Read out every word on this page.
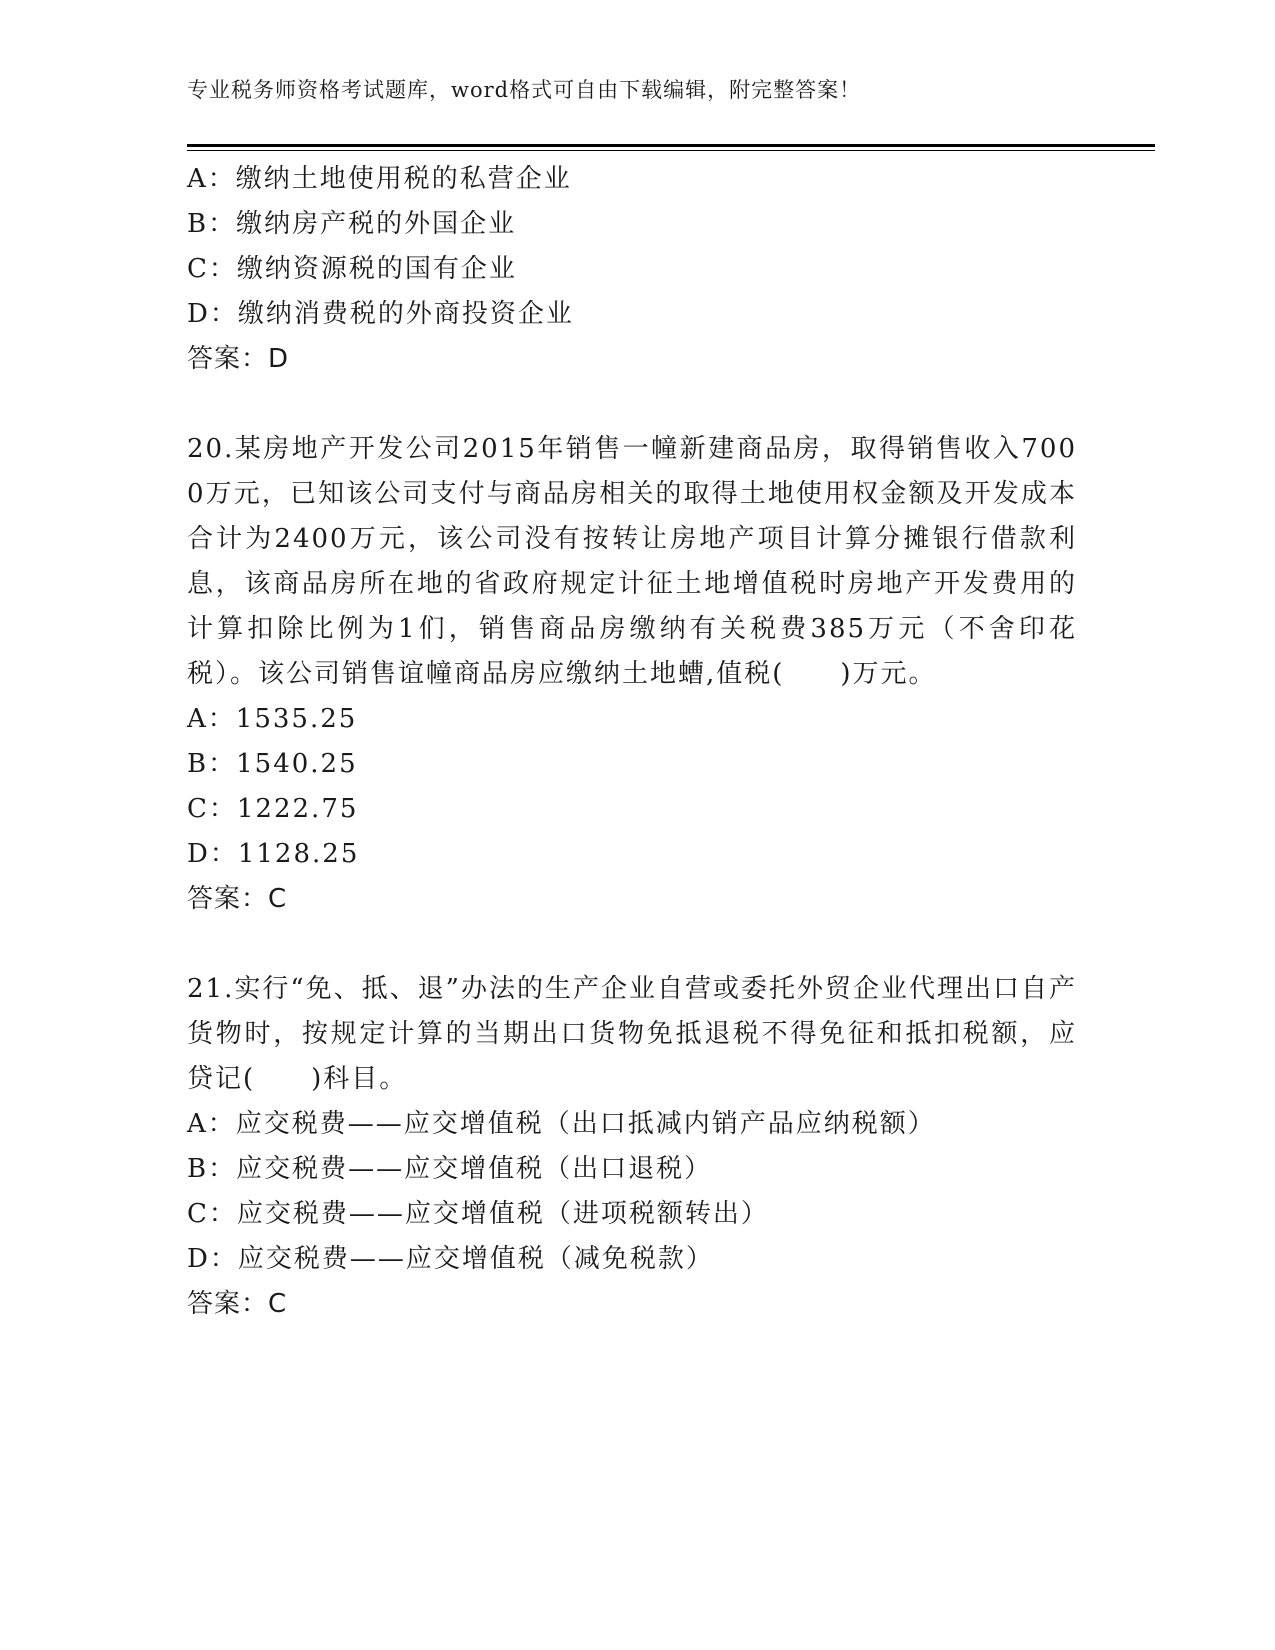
专业税务师资格考试题库，word格式可自由下载编辑，附完整答案！
A：缴纳土地使用税的私营企业
B：缴纳房产税的外国企业
C：缴纳资源税的国有企业
D：缴纳消费税的外商投资企业
答案：D
20.某房地产开发公司2015年销售一幢新建商品房，取得销售收入7000万元，已知该公司支付与商品房相关的取得土地使用权金额及开发成本合计为2400万元，该公司没有按转让房地产项目计算分摊银行借款利息，该商品房所在地的省政府规定计征土地增值税时房地产开发费用的计算扣除比例为1们，销售商品房缴纳有关税费385万元（不舍印花税）。该公司销售谊幢商品房应缴纳土地螬,值税(　　)万元。
A：1535.25
B：1540.25
C：1222.75
D：1128.25
答案：C
21.实行“免、抵、退”办法的生产企业自营或委托外贸企业代理出口自产货物时，按规定计算的当期出口货物免抵退税不得免征和抵扣税额，应贷记(　　)科目。
A：应交税费——应交增值税（出口抵减内销产品应纳税额）
B：应交税费——应交增值税（出口退税）
C：应交税费——应交增值税（进项税额转出）
D：应交税费——应交增值税（减免税款）
答案：C
